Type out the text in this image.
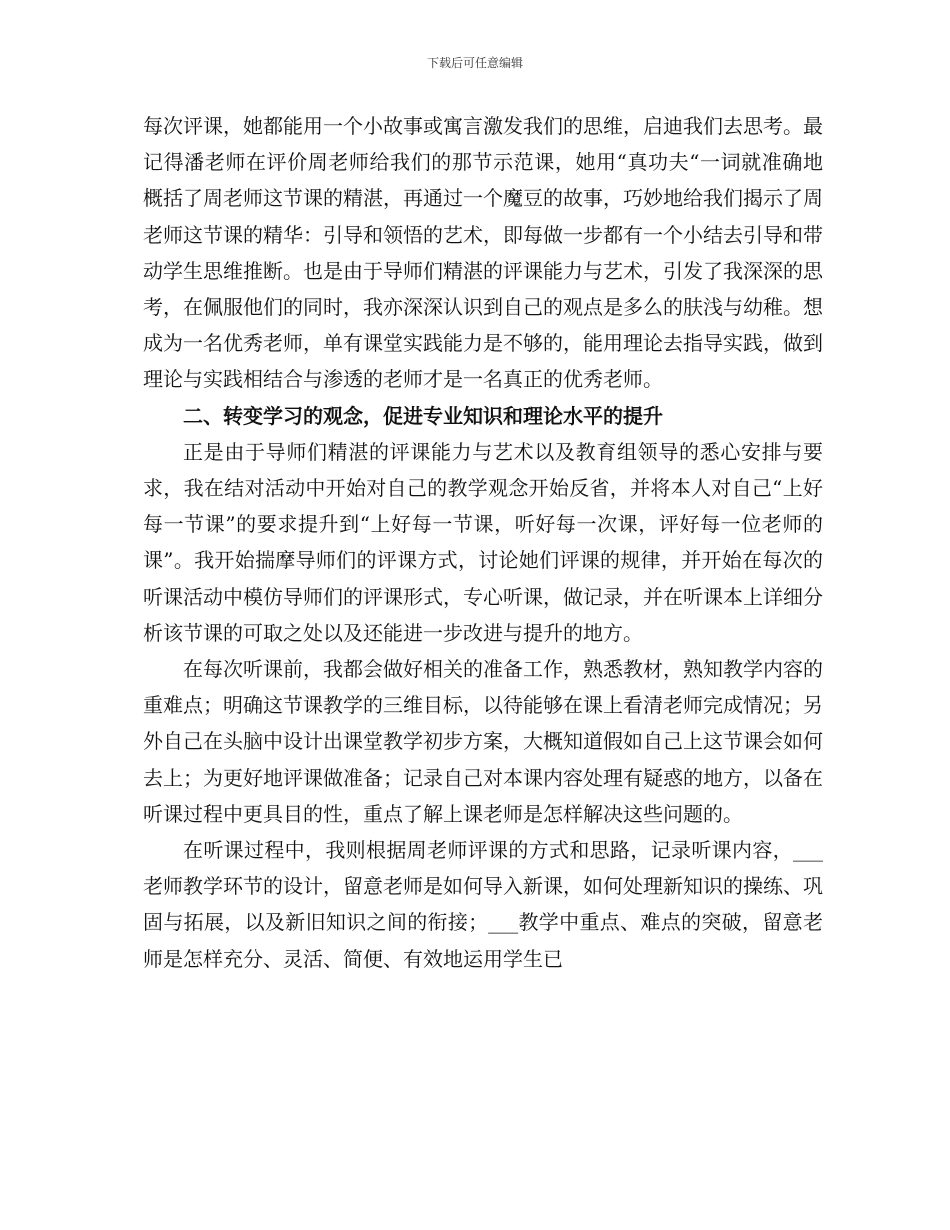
下载后可任意编辑

每次评课，她都能用一个小故事或寓言激发我们的思维，启迪我们去思考。最记得潘老师在评价周老师给我们的那节示范课，她用“真功夫“一词就准确地概括了周老师这节课的精湛，再通过一个魔豆的故事，巧妙地给我们揭示了周老师这节课的精华：引导和领悟的艺术，即每做一步都有一个小结去引导和带动学生思维推断。也是由于导师们精湛的评课能力与艺术，引发了我深深的思考，在佩服他们的同时，我亦深深认识到自己的观点是多么的肤浅与幼稚。想成为一名优秀老师，单有课堂实践能力是不够的，能用理论去指导实践，做到理论与实践相结合与渗透的老师才是一名真正的优秀老师。

二、转变学习的观念，促进专业知识和理论水平的提升

正是由于导师们精湛的评课能力与艺术以及教育组领导的悉心安排与要求，我在结对活动中开始对自己的教学观念开始反省，并将本人对自己“上好每一节课”的要求提升到“上好每一节课，听好每一次课，评好每一位老师的课”。我开始揣摩导师们的评课方式，讨论她们评课的规律，并开始在每次的听课活动中模仿导师们的评课形式，专心听课，做记录，并在听课本上详细分析该节课的可取之处以及还能进一步改进与提升的地方。

在每次听课前，我都会做好相关的准备工作，熟悉教材，熟知教学内容的重难点；明确这节课教学的三维目标，以待能够在课上看清老师完成情况；另外自己在头脑中设计出课堂教学初步方案，大概知道假如自己上这节课会如何去上；为更好地评课做准备；记录自己对本课内容处理有疑惑的地方，以备在听课过程中更具目的性，重点了解上课老师是怎样解决这些问题的。

在听课过程中，我则根据周老师评课的方式和思路，记录听课内容，___老师教学环节的设计，留意老师是如何导入新课，如何处理新知识的操练、巩固与拓展，以及新旧知识之间的衔接；___教学中重点、难点的突破，留意老师是怎样充分、灵活、简便、有效地运用学生已
